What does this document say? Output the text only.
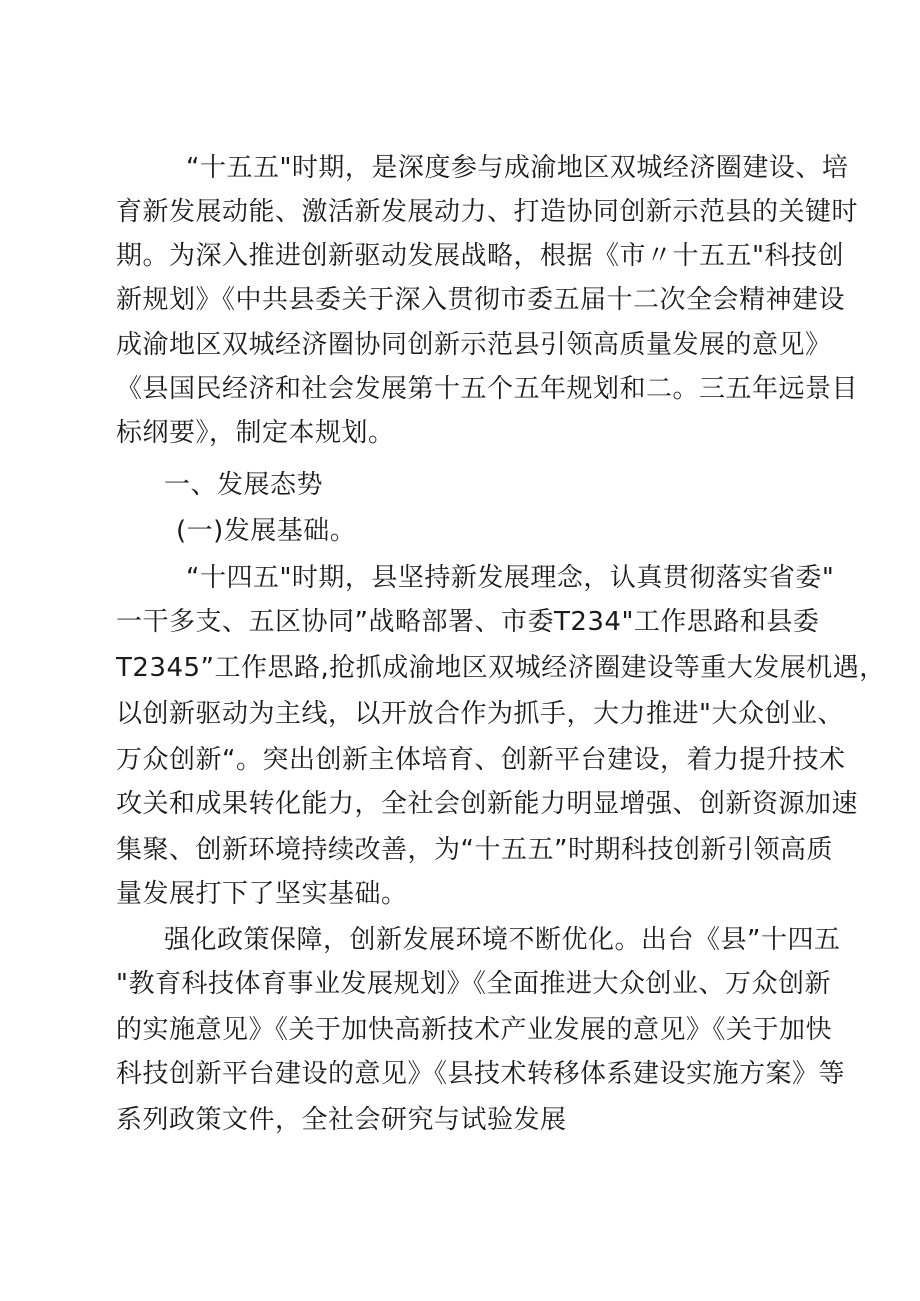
“十五五"时期，是深度参与成渝地区双城经济圈建设、培
育新发展动能、激活新发展动力、打造协同创新示范县的关键时
期。为深入推进创新驱动发展战略，根据《市〃十五五"科技创
新规划》《中共县委关于深入贯彻市委五届十二次全会精神建设
成渝地区双城经济圈协同创新示范县引领高质量发展的意见》
《县国民经济和社会发展第十五个五年规划和二。三五年远景目
标纲要》，制定本规划。
一、发展态势
(一)发展基础。
“十四五"时期，县坚持新发展理念，认真贯彻落实省委"
一干多支、五区协同”战略部署、市委T234"工作思路和县委
T2345”工作思路,抢抓成渝地区双城经济圈建设等重大发展机遇，
以创新驱动为主线，以开放合作为抓手，大力推进"大众创业、
万众创新“。突出创新主体培育、创新平台建设，着力提升技术
攻关和成果转化能力，全社会创新能力明显增强、创新资源加速
集聚、创新环境持续改善，为“十五五”时期科技创新引领高质
量发展打下了坚实基础。
强化政策保障，创新发展环境不断优化。出台《县”十四五
"教育科技体育事业发展规划》《全面推进大众创业、万众创新
的实施意见》《关于加快高新技术产业发展的意见》《关于加快
科技创新平台建设的意见》《县技术转移体系建设实施方案》等
系列政策文件，全社会研究与试验发展
